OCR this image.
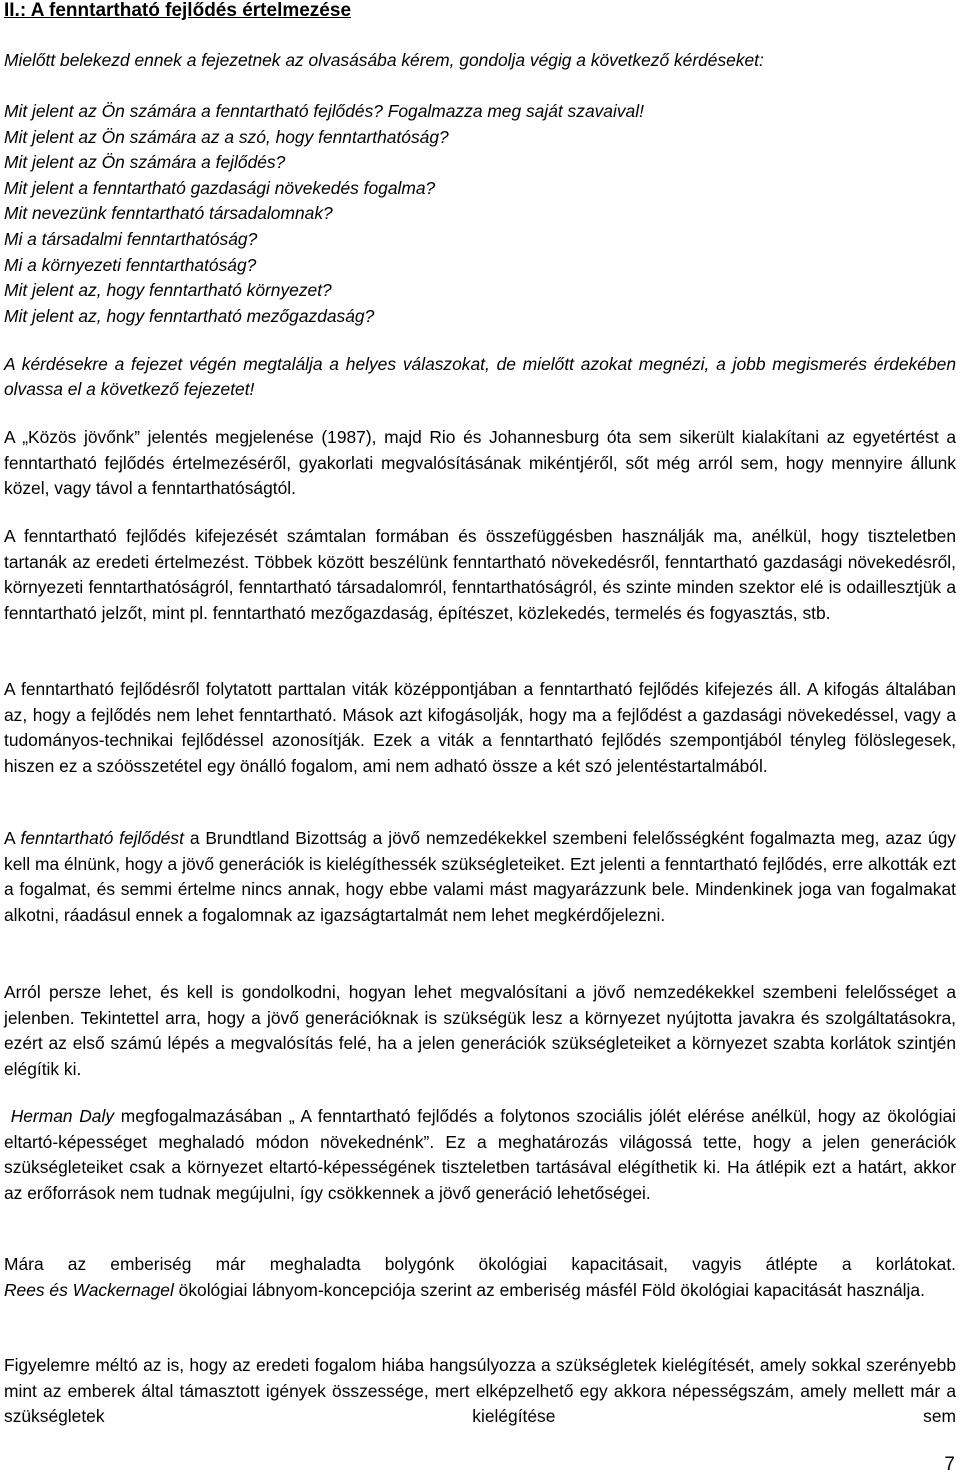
II.: A fenntartható fejlődés értelmezése

Mielőtt belekezd ennek a fejezetnek az olvasásába kérem, gondolja végig a következő kérdéseket:

Mit jelent az Ön számára a fenntartható fejlődés? Fogalmazza meg saját szavaival!
Mit jelent az Ön számára az a szó, hogy fenntarthatóság?
Mit jelent az Ön számára a fejlődés?
Mit jelent a fenntartható gazdasági növekedés fogalma?
Mit nevezünk fenntartható társadalomnak?
Mi a társadalmi fenntarthatóság?
Mi a környezeti fenntarthatóság?
Mit jelent az, hogy fenntartható környezet?
Mit jelent az, hogy fenntartható mezőgazdaság?

A kérdésekre a fejezet végén megtalálja a helyes válaszokat, de mielőtt azokat megnézi, a jobb megismerés érdekében olvassa el a következő fejezetet!

A „Közös jövőnk” jelentés megjelenése (1987), majd Rio és Johannesburg óta sem sikerült kialakítani az egyetértést a fenntartható fejlődés értelmezéséről, gyakorlati megvalósításának mikéntjéről, sőt még arról sem, hogy mennyire állunk közel, vagy távol a fenntarthatóságtól.

A fenntartható fejlődés kifejezését számtalan formában és összefüggésben használják ma, anélkül, hogy tiszteletben tartanák az eredeti értelmezést. Többek között beszélünk fenntartható növekedésről, fenntartható gazdasági növekedésről, környezeti fenntarthatóságról, fenntartható társadalomról, fenntarthatóságról, és szinte minden szektor elé is odaillesztjük a fenntartható jelzőt, mint pl. fenntartható mezőgazdaság, építészet, közlekedés, termelés és fogyasztás, stb.

A fenntartható fejlődésről folytatott parttalan viták középpontjában a fenntartható fejlődés kifejezés áll. A kifogás általában az, hogy a fejlődés nem lehet fenntartható. Mások azt kifogásolják, hogy ma a fejlődést a gazdasági növekedéssel, vagy a tudományos-technikai fejlődéssel azonosítják. Ezek a viták a fenntartható fejlődés szempontjából tényleg fölöslegesek, hiszen ez a szóösszetétel egy önálló fogalom, ami nem adható össze a két szó jelentéstartalmából.

A fenntartható fejlődést a Brundtland Bizottság a jövő nemzedékekkel szembeni felelősségként fogalmazta meg, azaz úgy kell ma élnünk, hogy a jövő generációk is kielégíthessék szükségleteiket. Ezt jelenti a fenntartható fejlődés, erre alkották ezt a fogalmat, és semmi értelme nincs annak, hogy ebbe valami mást magyarázzunk bele. Mindenkinek joga van fogalmakat alkotni, ráadásul ennek a fogalomnak az igazságtartalmát nem lehet megkérdőjelezni.

Arról persze lehet, és kell is gondolkodni, hogyan lehet megvalósítani a jövő nemzedékekkel szembeni felelősséget a jelenben. Tekintettel arra, hogy a jövő generációknak is szükségük lesz a környezet nyújtotta javakra és szolgáltatásokra, ezért az első számú lépés a megvalósítás felé, ha a jelen generációk szükségleteiket a környezet szabta korlátok szintjén elégítik ki.

Herman Daly megfogalmazásában „ A fenntartható fejlődés a folytonos szociális jólét elérése anélkül, hogy az ökológiai eltartó-képességet meghaladó módon növekednénk”. Ez a meghatározás világossá tette, hogy a jelen generációk szükségleteiket csak a környezet eltartó-képességének tiszteletben tartásával elégíthetik ki. Ha átlépik ezt a határt, akkor az erőforrások nem tudnak megújulni, így csökkennek a jövő generáció lehetőségei.

Mára az emberiség már meghaladta bolygónk ökológiai kapacitásait, vagyis átlépte a korlátokat.
Rees és Wackernagel ökológiai lábnyom-koncepciója szerint az emberiség másfél Föld ökológiai kapacitását használja.

Figyelemre méltó az is, hogy az eredeti fogalom hiába hangsúlyozza a szükségletek kielégítését, amely sokkal szerényebb mint az emberek által támasztott igények összessége, mert elképzelhető egy akkora népességszám, amely mellett már a szükségletek kielégítése sem

7
